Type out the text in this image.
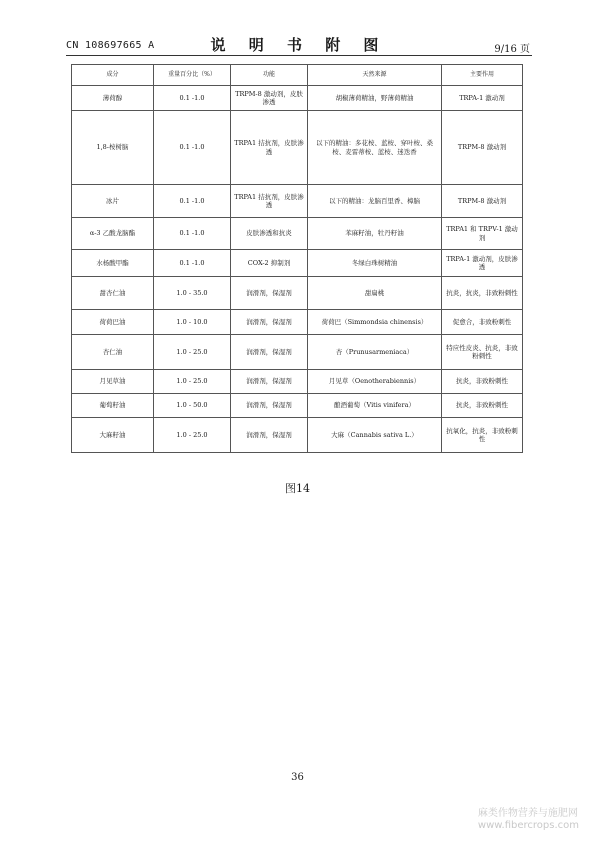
CN 108697665 A	说 明 书 附 图	9/16 页
成分	重量百分比（%）	功能	天然来源	主要作用
薄荷醇	0.1 -1.0	TRPM-8 激动剂，皮肤渗透	胡椒薄荷精油，野薄荷精油	TRPA-1 激动剂
1,8-桉树脑	0.1 -1.0	TRPA1 拮抗剂，皮肤渗透	以下的精油：多花桉、蓝桉、穿叶桉、桑桉、麦雷蒂桉、蓝桉、迷迭香	TRPM-8 激动剂
冰片	0.1 -1.0	TRPA1 拮抗剂，皮肤渗透	以下的精油：龙脑百里香、樟脑	TRPM-8 激动剂
α-3 乙酸龙脑酯	0.1 -1.0	皮肤渗透和抗炎	苯麻籽油，牡丹籽油	TRPA1 和 TRPV-1 激动剂
水杨酸甲酯	0.1 -1.0	COX-2 抑制剂	冬绿白珠树精油	TRPA-1 激动剂，皮肤渗透
甜杏仁油	1.0 - 35.0	润滑剂，保湿剂	甜扁桃	抗炎，抗炎，非致粉刺性
荷荷巴油	1.0 - 10.0	润滑剂，保湿剂	荷荷巴（Simmondsia chinensis）	促愈合，非致粉刺性
杏仁油	1.0 - 25.0	润滑剂，保湿剂	杏（Prunusarmeniaca）	特应性皮炎、抗炎，非致粉刺性
月见草油	1.0 - 25.0	润滑剂，保湿剂	月见草（Oenotherabiennis）	抗炎，非致粉刺性
葡萄籽油	1.0 - 50.0	润滑剂，保湿剂	酿酒葡萄（Vitis vinifera）	抗炎，非致粉刺性
大麻籽油	1.0 - 25.0	润滑剂，保湿剂	大麻（Cannabis sativa L.）	抗氧化，抗炎，非致粉刺性
图14
36
麻类作物营养与施肥网
www.fibercrops.com
